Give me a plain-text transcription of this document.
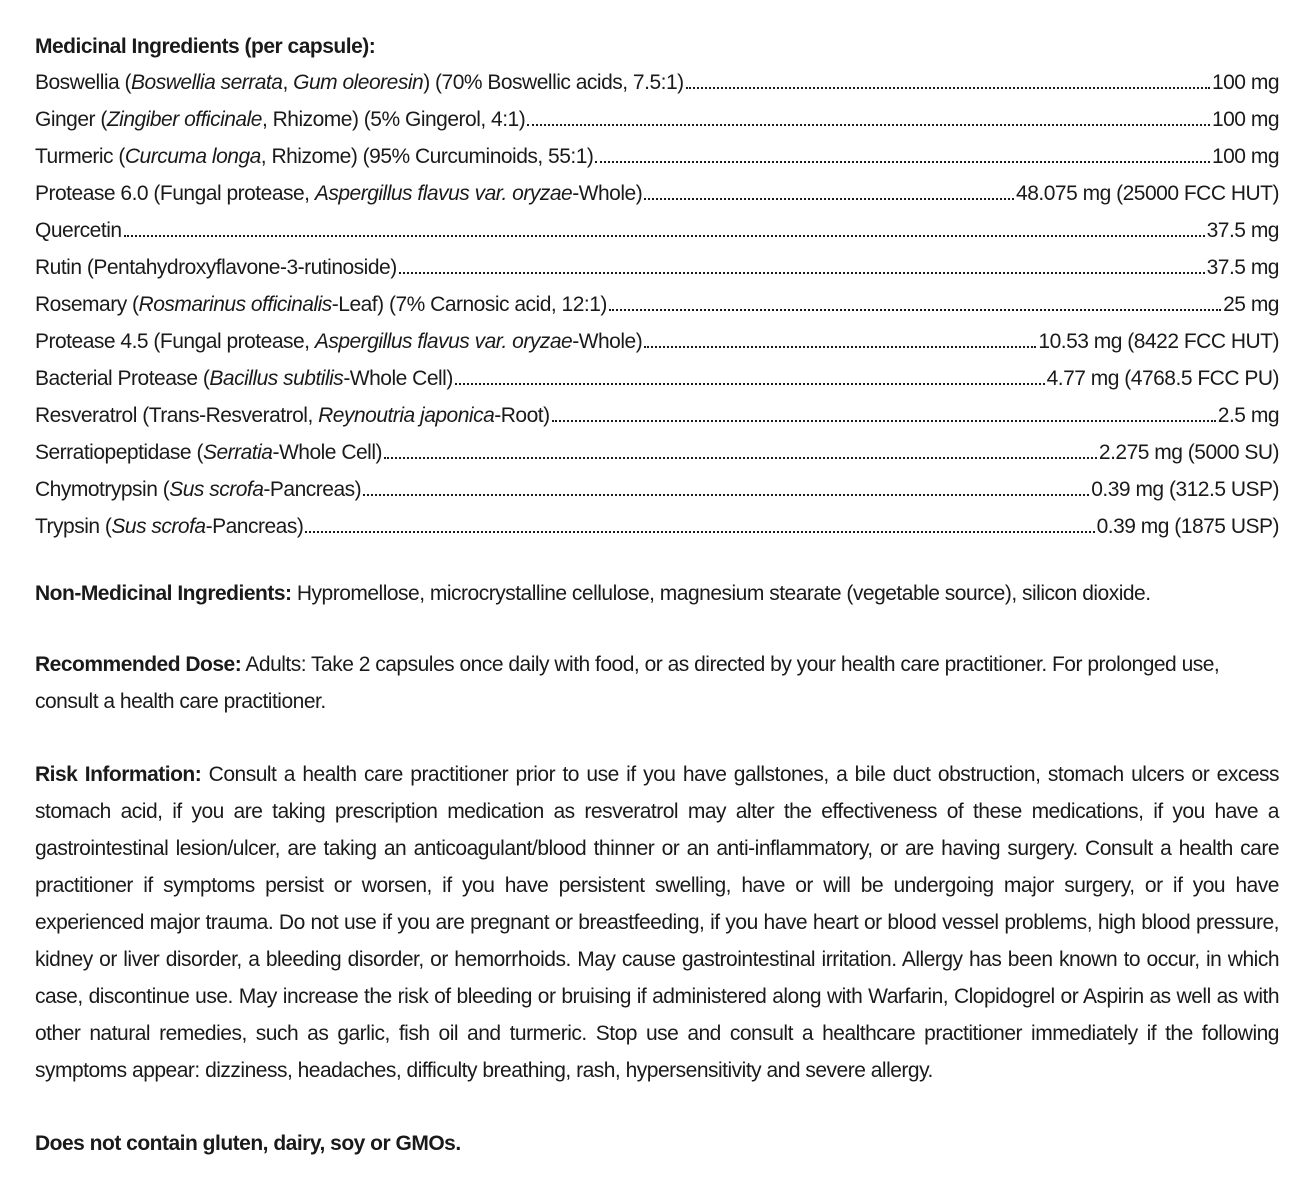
Medicinal Ingredients (per capsule):
Boswellia (Boswellia serrata, Gum oleoresin) (70% Boswellic acids, 7.5:1)	100 mg
Ginger (Zingiber officinale, Rhizome) (5% Gingerol, 4:1)	100 mg
Turmeric (Curcuma longa, Rhizome) (95% Curcuminoids, 55:1)	100 mg
Protease 6.0 (Fungal protease, Aspergillus flavus var. oryzae-Whole)	48.075 mg (25000 FCC HUT)
Quercetin	37.5 mg
Rutin (Pentahydroxyflavone-3-rutinoside)	37.5 mg
Rosemary (Rosmarinus officinalis-Leaf) (7% Carnosic acid, 12:1)	25 mg
Protease 4.5 (Fungal protease, Aspergillus flavus var. oryzae-Whole)	10.53 mg (8422 FCC HUT)
Bacterial Protease (Bacillus subtilis-Whole Cell)	4.77 mg (4768.5 FCC PU)
Resveratrol (Trans-Resveratrol, Reynoutria japonica-Root)	2.5 mg
Serratiopeptidase (Serratia-Whole Cell)	2.275 mg (5000 SU)
Chymotrypsin (Sus scrofa-Pancreas)	0.39 mg (312.5 USP)
Trypsin (Sus scrofa-Pancreas)	0.39 mg (1875 USP)
Non-Medicinal Ingredients: Hypromellose, microcrystalline cellulose, magnesium stearate (vegetable source), silicon dioxide.
Recommended Dose: Adults: Take 2 capsules once daily with food, or as directed by your health care practitioner. For prolonged use, consult a health care practitioner.
Risk Information: Consult a health care practitioner prior to use if you have gallstones, a bile duct obstruction, stomach ulcers or excess stomach acid, if you are taking prescription medication as resveratrol may alter the effectiveness of these medications, if you have a gastrointestinal lesion/ulcer, are taking an anticoagulant/blood thinner or an anti-inflammatory, or are having surgery. Consult a health care practitioner if symptoms persist or worsen, if you have persistent swelling, have or will be undergoing major surgery, or if you have experienced major trauma. Do not use if you are pregnant or breastfeeding, if you have heart or blood vessel problems, high blood pressure, kidney or liver disorder, a bleeding disorder, or hemorrhoids. May cause gastrointestinal irritation. Allergy has been known to occur, in which case, discontinue use. May increase the risk of bleeding or bruising if administered along with Warfarin, Clopidogrel or Aspirin as well as with other natural remedies, such as garlic, fish oil and turmeric. Stop use and consult a healthcare practitioner immediately if the following symptoms appear: dizziness, headaches, difficulty breathing, rash, hypersensitivity and severe allergy.
Does not contain gluten, dairy, soy or GMOs.
